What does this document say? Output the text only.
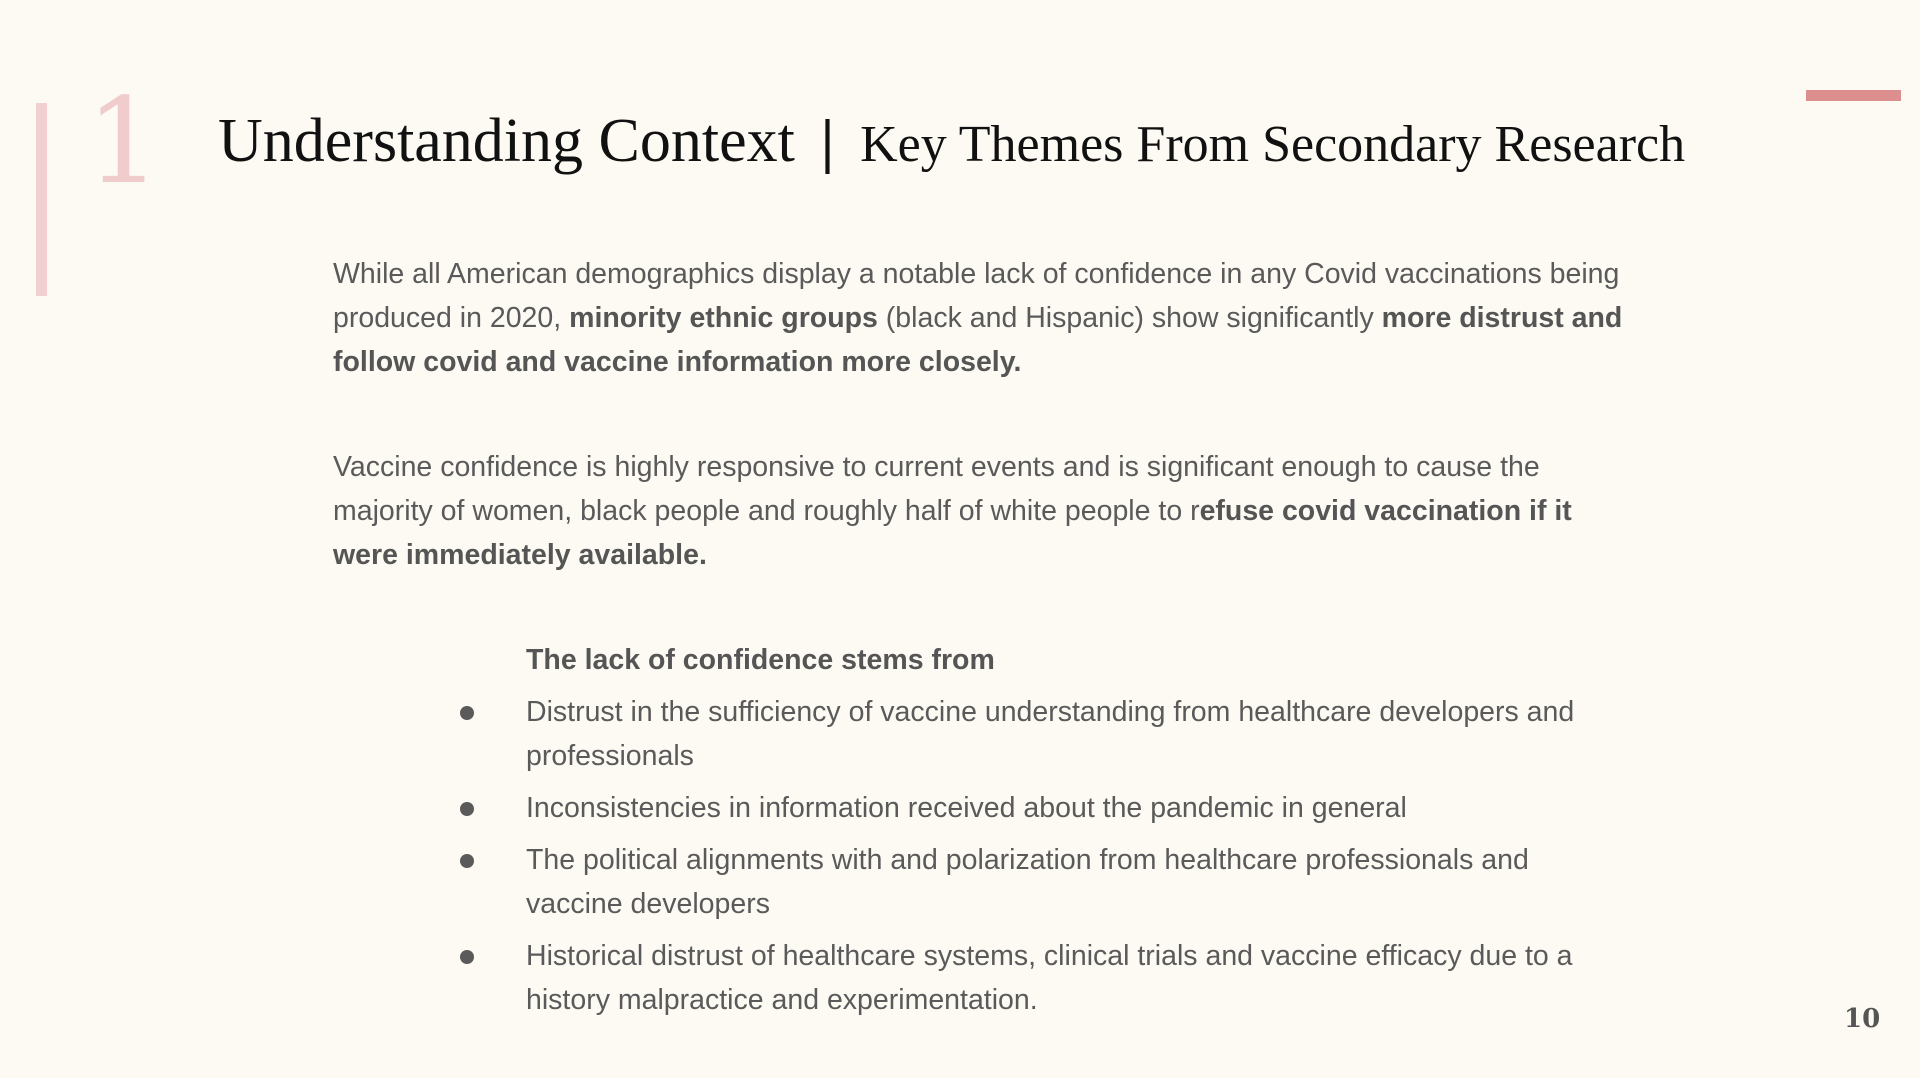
1 Understanding Context | Key Themes From Secondary Research
While all American demographics display a notable lack of confidence in any Covid vaccinations being produced in 2020, minority ethnic groups (black and Hispanic) show significantly more distrust and follow covid and vaccine information more closely.
Vaccine confidence is highly responsive to current events and is significant enough to cause the majority of women, black people and roughly half of white people to refuse covid vaccination if it were immediately available.
The lack of confidence stems from
Distrust in the sufficiency of vaccine understanding from healthcare developers and professionals
Inconsistencies in information received about the pandemic in general
The political alignments with and polarization from healthcare professionals and vaccine developers
Historical distrust of healthcare systems, clinical trials and vaccine efficacy due to a history malpractice and experimentation.
10
